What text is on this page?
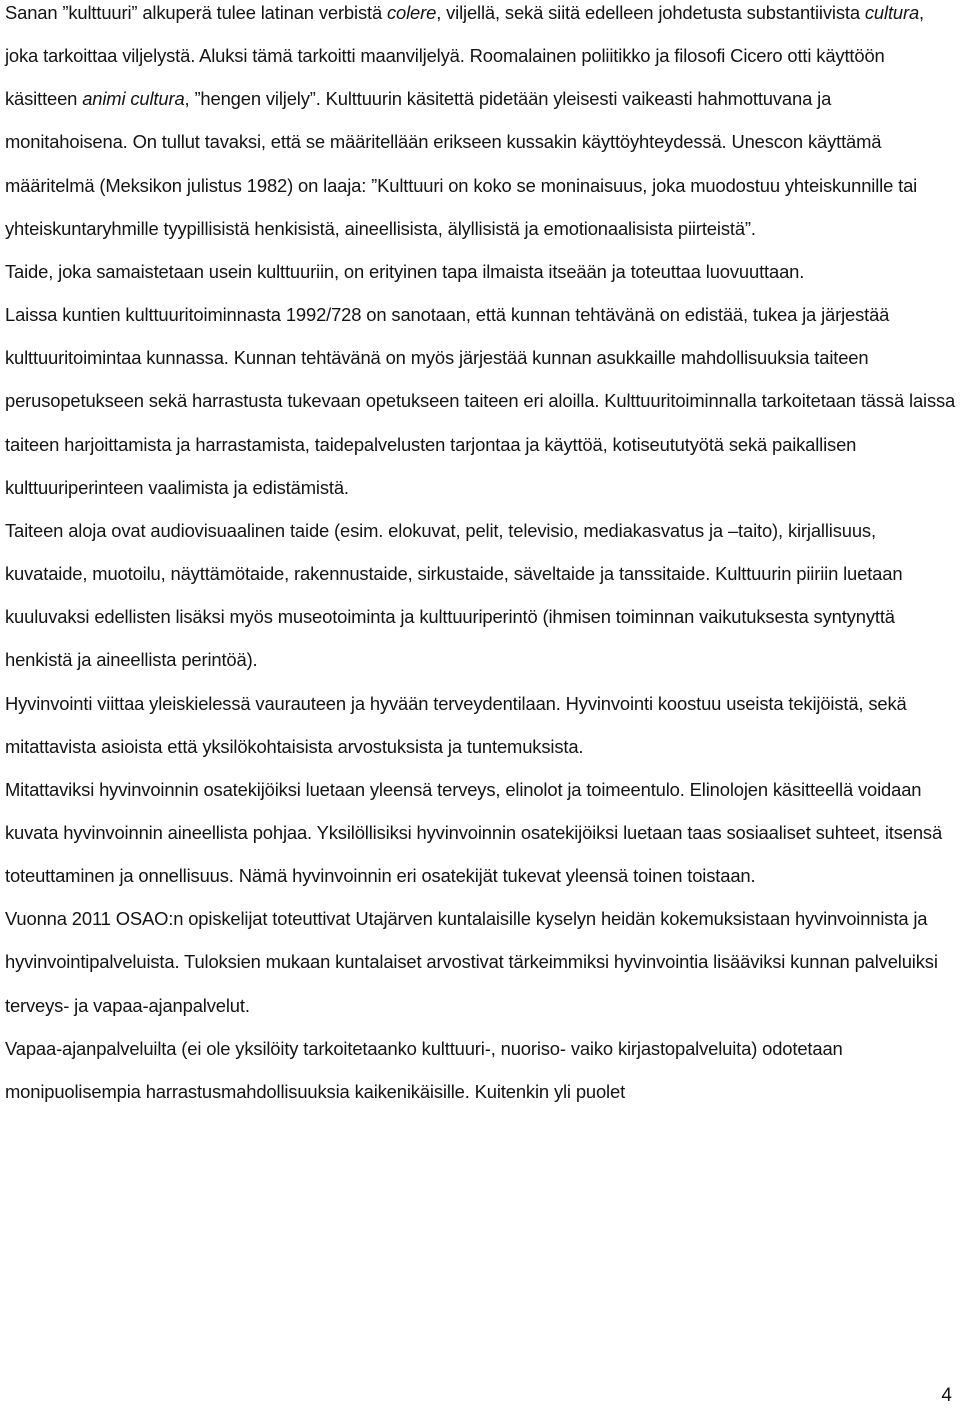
Sanan ”kulttuuri” alkuperä tulee latinan verbistä colere, viljellä, sekä siitä edelleen johdetusta substantiivista cultura, joka tarkoittaa viljelystä. Aluksi tämä tarkoitti maanviljelyä. Roomalainen poliitikko ja filosofi Cicero otti käyttöön käsitteen animi cultura, ”hengen viljely”. Kulttuurin käsitettä pidetään yleisesti vaikeasti hahmottuvana ja monitahoisena. On tullut tavaksi, että se määritellään erikseen kussakin käyttöyhteydessä. Unescon käyttämä määritelmä (Meksikon julistus 1982) on laaja: ”Kulttuuri on koko se moninaisuus, joka muodostuu yhteiskunnille tai yhteiskuntaryhmille tyypillisistä henkisistä, aineellisista, älyllisistä ja emotionaalisista piirteistä”.

Taide, joka samaistetaan usein kulttuuriin, on erityinen tapa ilmaista itseään ja toteuttaa luovuuttaan.

Laissa kuntien kulttuuritoiminnasta 1992/728 on sanotaan, että kunnan tehtävänä on edistää, tukea ja järjestää kulttuuritoimintaa kunnassa. Kunnan tehtävänä on myös järjestää kunnan asukkaille mahdollisuuksia taiteen perusopetukseen sekä harrastusta tukevaan opetukseen taiteen eri aloilla. Kulttuuritoiminnalla tarkoitetaan tässä laissa taiteen harjoittamista ja harrastamista, taidepalvelusten tarjontaa ja käyttöä, kotiseututyötä sekä paikallisen kulttuuriperinteen vaalimista ja edistämistä.

Taiteen aloja ovat audiovisuaalinen taide (esim. elokuvat, pelit, televisio, mediakasvatus ja –taito), kirjallisuus, kuvataide, muotoilu, näyttämötaide, rakennustaide, sirkustaide, säveltaide ja tanssitaide. Kulttuurin piiriin luetaan kuuluvaksi edellisten lisäksi myös museotoiminta ja kulttuuriperintö (ihmisen toiminnan vaikutuksesta syntynyttä henkistä ja aineellista perintöä).

Hyvinvointi viittaa yleiskielessä vaurauteen ja hyvään terveydentilaan. Hyvinvointi koostuu useista tekijöistä, sekä mitattavista asioista että yksilökohtaisista arvostuksista ja tuntemuksista.

Mitattaviksi hyvinvoinnin osatekijöiksi luetaan yleensä terveys, elinolot ja toimeentulo. Elinolojen käsitteellä voidaan kuvata hyvinvoinnin aineellista pohjaa. Yksilöllisiksi hyvinvoinnin osatekijöiksi luetaan taas sosiaaliset suhteet, itsensä toteuttaminen ja onnellisuus. Nämä hyvinvoinnin eri osatekijät tukevat yleensä toinen toistaan.

Vuonna 2011 OSAO:n opiskelijat toteuttivat Utajärven kuntalaisille kyselyn heidän kokemuksistaan hyvinvoinnista ja hyvinvointipalveluista. Tuloksien mukaan kuntalaiset arvostivat tärkeimmiksi hyvinvointia lisääviksi kunnan palveluiksi terveys- ja vapaa-ajanpalvelut.

Vapaa-ajanpalveluilta (ei ole yksilöity tarkoitetaanko kulttuuri-, nuoriso- vaiko kirjastopalveluita) odotetaan monipuolisempia harrastusmahdollisuuksia kaikenikäisille. Kuitenkin yli puolet

4
